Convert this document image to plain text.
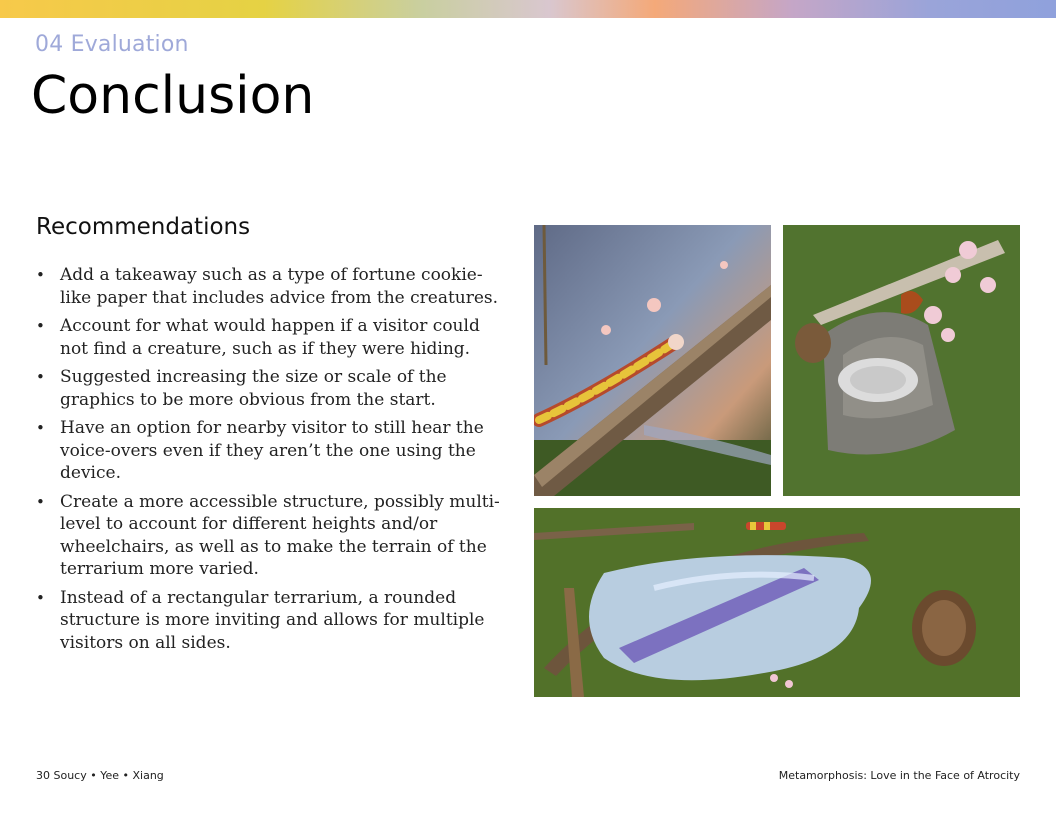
04 Evaluation
Conclusion
Recommendations
• Add a takeaway such as a type of fortune cookie-like paper that includes advice from the creatures.
• Account for what would happen if a visitor could not find a creature, such as if they were hiding.
• Suggested increasing the size or scale of the graphics to be more obvious from the start.
• Have an option for nearby visitor to still hear the voice-overs even if they aren’t the one using the device.
• Create a more accessible structure, possibly multi-level to account for different heights and/or wheelchairs, as well as to make the terrain of the terrarium more varied.
• Instead of a rectangular terrarium, a rounded structure is more inviting and allows for multiple visitors on all sides.
30 Soucy • Yee • Xiang	Metamorphosis: Love in the Face of Atrocity
